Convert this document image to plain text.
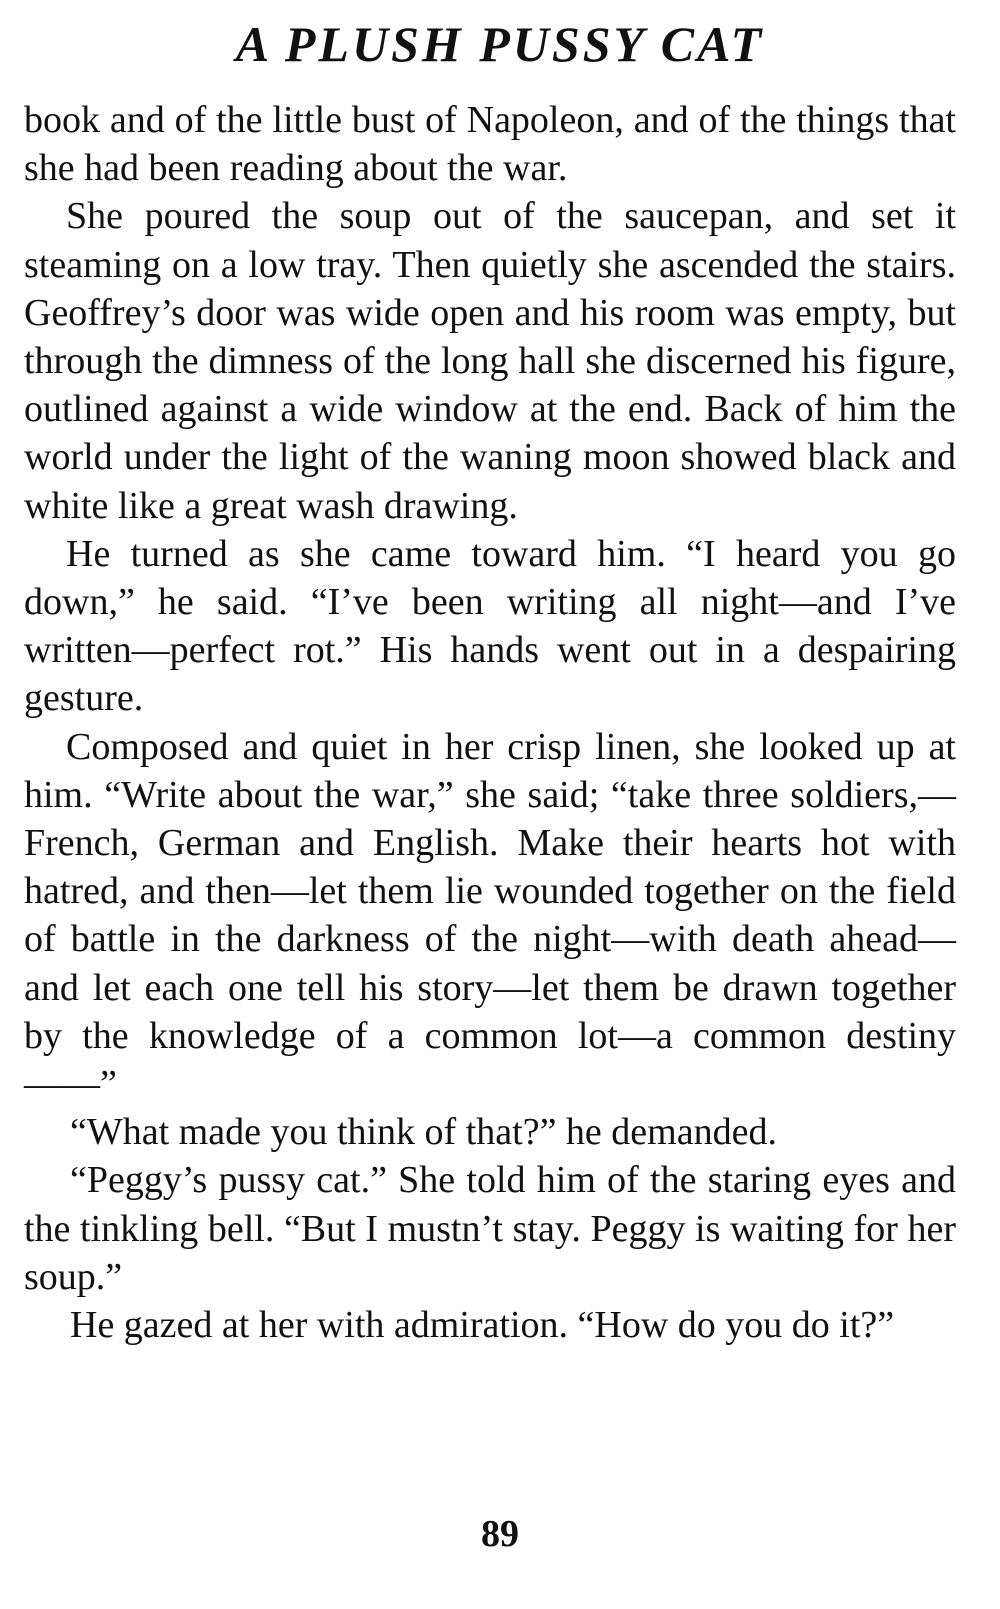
A PLUSH PUSSY CAT

book and of the little bust of Napoleon, and of the things that she had been reading about the war.

She poured the soup out of the saucepan, and set it steaming on a low tray. Then quietly she ascended the stairs. Geoffrey’s door was wide open and his room was empty, but through the dimness of the long hall she discerned his figure, outlined against a wide window at the end. Back of him the world under the light of the waning moon showed black and white like a great wash drawing.

He turned as she came toward him. “I heard you go down,” he said. “I’ve been writing all night—and I’ve written—perfect rot.” His hands went out in a despairing gesture.

Composed and quiet in her crisp linen, she looked up at him. “Write about the war,” she said; “take three soldiers,—French, German and English. Make their hearts hot with hatred, and then—let them lie wounded together on the field of battle in the darkness of the night—with death ahead—and let each one tell his story—let them be drawn together by the knowledge of a common lot—a common destiny ——”

“What made you think of that?” he demanded.

“Peggy’s pussy cat.” She told him of the staring eyes and the tinkling bell. “But I mustn’t stay. Peggy is waiting for her soup.”

He gazed at her with admiration. “How do you do it?”

89
